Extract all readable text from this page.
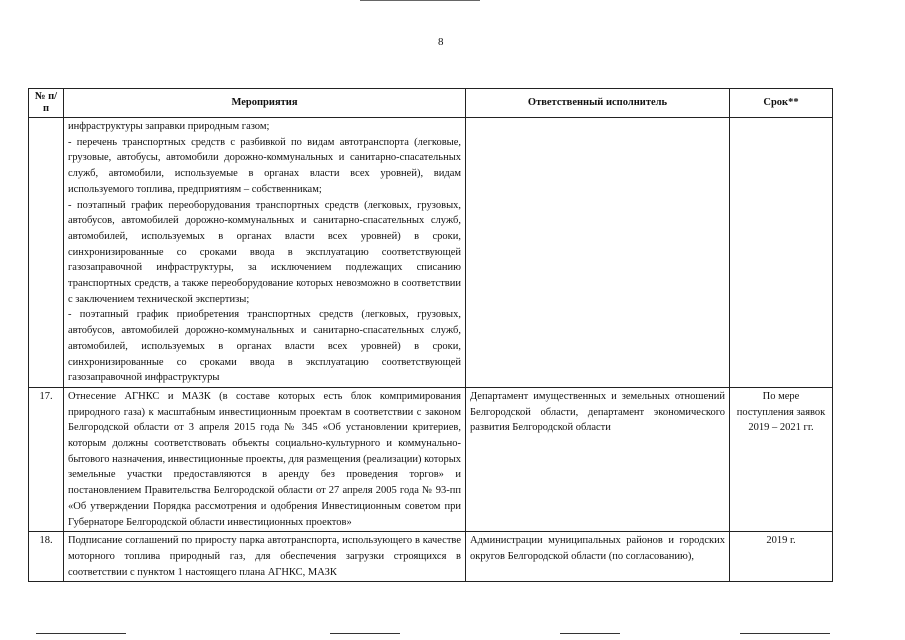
8
№ п/п	Мероприятия	Ответственный исполнитель	Срок**

	инфраструктуры заправки природным газом;
- перечень транспортных средств с разбивкой по видам автотранспорта (легковые, грузовые, автобусы, автомобили дорожно-коммунальных и санитарно-спасательных служб, автомобили, используемые в органах власти всех уровней), видам используемого топлива, предприятиям – собственникам;
- поэтапный график переоборудования транспортных средств (легковых, грузовых, автобусов, автомобилей дорожно-коммунальных и санитарно-спасательных служб, автомобилей, используемых в органах власти всех уровней) в сроки, синхронизированные со сроками ввода в эксплуатацию соответствующей газозаправочной инфраструктуры, за исключением подлежащих списанию транспортных средств, а также переоборудование которых невозможно в соответствии с заключением технической экспертизы;
- поэтапный график приобретения транспортных средств (легковых, грузовых, автобусов, автомобилей дорожно-коммунальных и санитарно-спасательных служб, автомобилей, используемых в органах власти всех уровней) в сроки, синхронизированные со сроками ввода в эксплуатацию соответствующей газозаправочной инфраструктуры		

17.	Отнесение АГНКС и МАЗК (в составе которых есть блок компримирования природного газа) к масштабным инвестиционным проектам в соответствии с законом Белгородской области от 3 апреля 2015 года № 345 «Об установлении критериев, которым должны соответствовать объекты социально-культурного и коммунально-бытового назначения, инвестиционные проекты, для размещения (реализации) которых земельные участки предоставляются в аренду без проведения торгов» и постановлением Правительства Белгородской области от 27 апреля 2005 года № 93-пп «Об утверждении Порядка рассмотрения и одобрения Инвестиционным советом при Губернаторе Белгородской области инвестиционных проектов»	Департамент имущественных и земельных отношений Белгородской области, департамент экономического развития Белгородской области	По мере поступления заявок 2019 – 2021 гг.
18.	Подписание соглашений по приросту парка автотранспорта, использующего в качестве моторного топлива природный газ, для обеспечения загрузки строящихся в соответствии с пунктом 1 настоящего плана АГНКС, МАЗК	Администрации муниципальных районов и городских округов Белгородской области (по согласованию),	2019 г.
